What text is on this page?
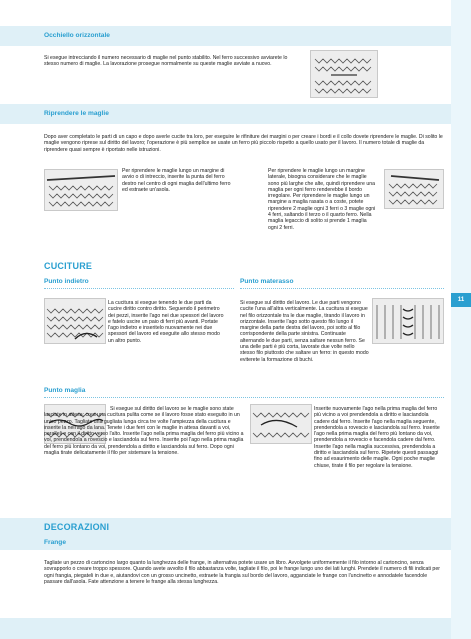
11
Occhiello orizzontale
Si esegue intrecciando il numero necessario di maglie nel punto stabilito. Nel ferro successivo avviarete lo stesso numero di maglie. La lavorazione prosegue normalmente su queste maglie avviate a nuovo.
Riprendere le maglie
Dopo aver completato le parti di un capo e dopo averle cucite tra loro, per eseguire le rifiniture dei margini o per creare i bordi e il collo dovete riprendere le maglie. Di solito le maglie vengono riprese sul diritto del lavoro; l'operazione è più semplice se usate un ferro più piccolo rispetto a quello usato per il lavoro. Il numero totale di maglie da riprendere quasi sempre è riportato nelle istruzioni.
Per riprendere le maglie lungo un margine di avvio o di intreccio, inserite la punta del ferro destro nel centro di ogni maglia dell'ultimo ferro ed estraete un'asola.
Per riprendere le maglie lungo un margine laterale, bisogna considerare che le maglie sono più larghe che alte, quindi riprendere una maglia per ogni ferro renderebbe il bordo irregolare. Per riprendere le maglie lungo un margine a maglia rasata o a coste, potete riprendere 2 maglie ogni 3 ferri o 3 maglie ogni 4 ferri, saltando il terzo o il quarto ferro. Nella maglia legaccio di solito si prende 1 maglia ogni 2 ferri.
CUCITURE
Punto indietro	Punto materasso
La cucitura si esegue tenendo le due parti da cucire diritto contro diritto. Seguendo il perimetro dei pezzi, inserite l'ago nei due spessori del lavoro e fatelo uscire un paio di ferri più avanti. Portate l'ago indietro e inseritelo nuovamente nei due spessori del lavoro ed eseguite allo stesso modo un altro punto.
Si esegue sul diritto del lavoro. Le due parti vengono cucite l'una all'altra verticalmente. La cucitura si esegue nel filo orizzontale tra le due maglie, tirando il lavoro in orizzontale. Inserite l'ago sotto questo filo lungo il margine della parte destra del lavoro, poi sotto al filo corrispondente della parte sinistra. Continuate alternando le due parti, senza saltare nessun ferro. Se una delle parti è più corta, lavorate due volte nello stesso filo piuttosto che saltare un ferro: in questo modo eviterete la formazione di buchi.
Punto maglia
Si esegue sul diritto del lavoro se le maglie sono state lasciate in attesa; crea una cucitura pulita come se il lavoro fosse stato eseguito in un unico pezzo. Tagliate una gugliata lunga circa tre volte l'ampiezza della cucitura e inserite la nell'ago da lana. Tenete i due ferri con le maglie in attesa davanti a voi, paralleli e con il diritto verso l'alto. Inserite l'ago nella prima maglia del ferro più vicino a voi, prendendola a rovescio e lasciandola sul ferro. Inserite poi l'ago nella prima maglia del ferro più lontano da voi, prendendola a diritto e lasciandola sul ferro. Dopo ogni maglia tirate delicatamente il filo per sistemare la tensione.
Inserite nuovamente l'ago nella prima maglia del ferro più vicino a voi prendendola a diritto e lasciandola cadere dal ferro. Inserite l'ago nella maglia seguente, prendendola a rovescio e lasciandola sul ferro. Inserite l'ago nella prima maglia del ferro più lontano da voi, prendendola a rovescio e facendola cadere dal ferro. Inserite l'ago nella maglia successiva, prendendola a diritto e lasciandola sul ferro. Ripetete questi passaggi fino ad esaurimento delle maglie. Ogni poche maglie chiuse, tirate il filo per regolare la tensione.
DECORAZIONI
Frange
Tagliate un pezzo di cartoncino largo quanto la lunghezza delle frange, in alternativa potete usare un libro. Avvolgete uniformemente il filo intorno al cartoncino, senza sovrapporlo o creare troppo spessore. Quando avete avvolto il filo abbastanza volte, tagliate il filo, poi le frange lungo uno dei lati lunghi. Prendete il numero di fili indicati per ogni frangia, piegateli in due e, aiutandovi con un grosso uncinetto, estraete la frangia sul bordo del lavoro, agganciate le frange con l'uncinetto e annodatele facendole passare dall'asola. Fate attenzione a tenere le frange alla stessa lunghezza.
